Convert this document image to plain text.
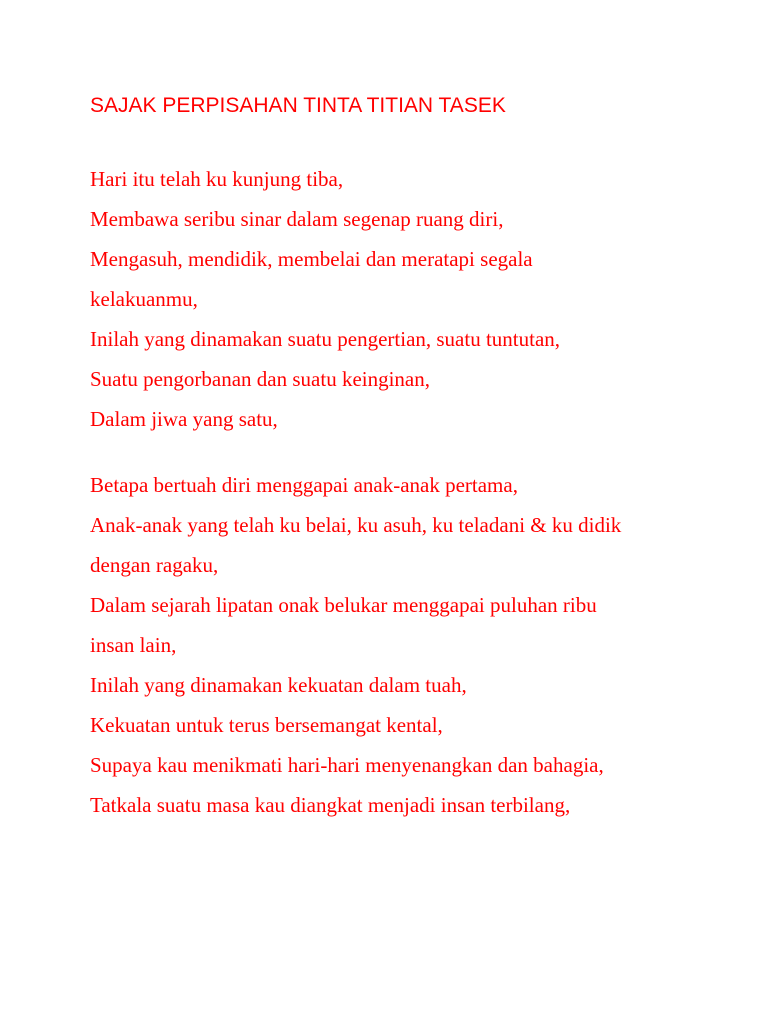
SAJAK PERPISAHAN TINTA TITIAN TASEK
Hari itu telah ku kunjung tiba,
Membawa seribu sinar dalam segenap ruang diri,
Mengasuh, mendidik, membelai dan meratapi segala
kelakuanmu,
Inilah yang dinamakan suatu pengertian, suatu tuntutan,
Suatu pengorbanan dan suatu keinginan,
Dalam jiwa yang satu,
Betapa bertuah diri menggapai anak-anak pertama,
Anak-anak yang telah ku belai, ku asuh, ku teladani & ku didik
dengan ragaku,
Dalam sejarah lipatan onak belukar menggapai puluhan ribu
insan lain,
Inilah yang dinamakan kekuatan dalam tuah,
Kekuatan untuk terus bersemangat kental,
Supaya kau menikmati hari-hari menyenangkan dan bahagia,
Tatkala suatu masa kau diangkat menjadi insan terbilang,
